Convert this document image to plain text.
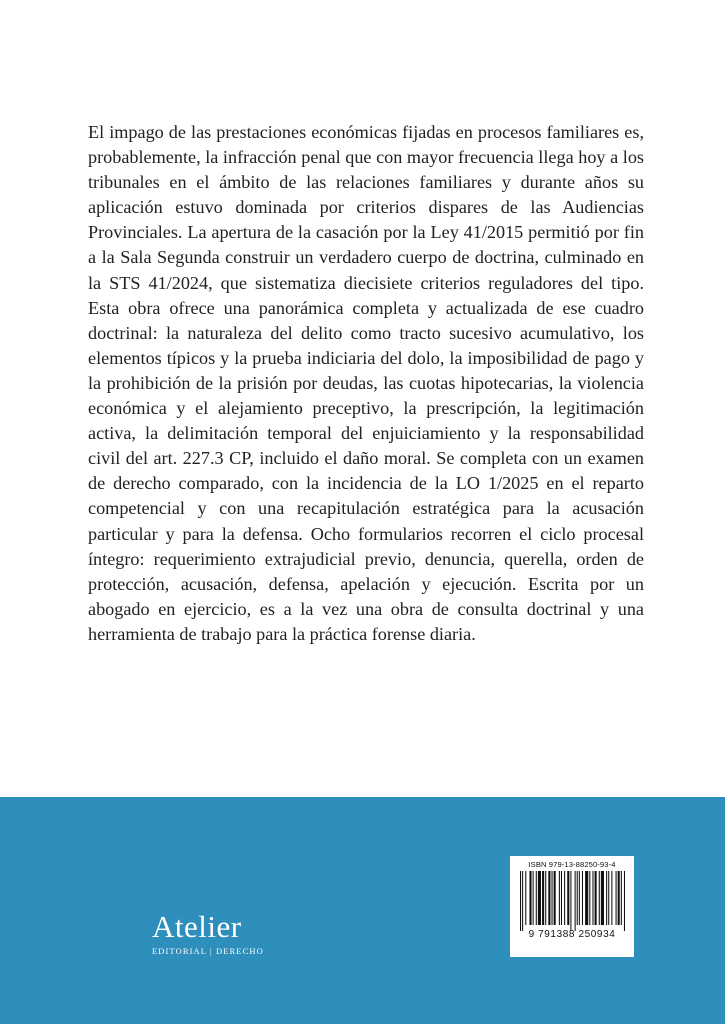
El impago de las prestaciones económicas fijadas en procesos familiares es, probablemente, la infracción penal que con mayor frecuencia llega hoy a los tribunales en el ámbito de las relaciones familiares y durante años su aplicación estuvo dominada por criterios dispares de las Audiencias Provinciales. La apertura de la casación por la Ley 41/2015 permitió por fin a la Sala Segunda construir un verdadero cuerpo de doctrina, culminado en la STS 41/2024, que sistematiza diecisiete criterios reguladores del tipo. Esta obra ofrece una panorámica completa y actualizada de ese cuadro doctrinal: la naturaleza del delito como tracto sucesivo acumulativo, los elementos típicos y la prueba indiciaria del dolo, la imposibilidad de pago y la prohibición de la prisión por deudas, las cuotas hipotecarias, la violencia económica y el alejamiento preceptivo, la prescripción, la legitimación activa, la delimitación temporal del enjuiciamiento y la responsabilidad civil del art. 227.3 CP, incluido el daño moral. Se completa con un examen de derecho comparado, con la incidencia de la LO 1/2025 en el reparto competencial y con una recapitulación estratégica para la acusación particular y para la defensa. Ocho formularios recorren el ciclo procesal íntegro: requerimiento extrajudicial previo, denuncia, querella, orden de protección, acusación, defensa, apelación y ejecución. Escrita por un abogado en ejercicio, es a la vez una obra de consulta doctrinal y una herramienta de trabajo para la práctica forense diaria.

Atelier
EDITORIAL | DERECHO
ISBN 979-13-88250-93-4
9 791388 250934
